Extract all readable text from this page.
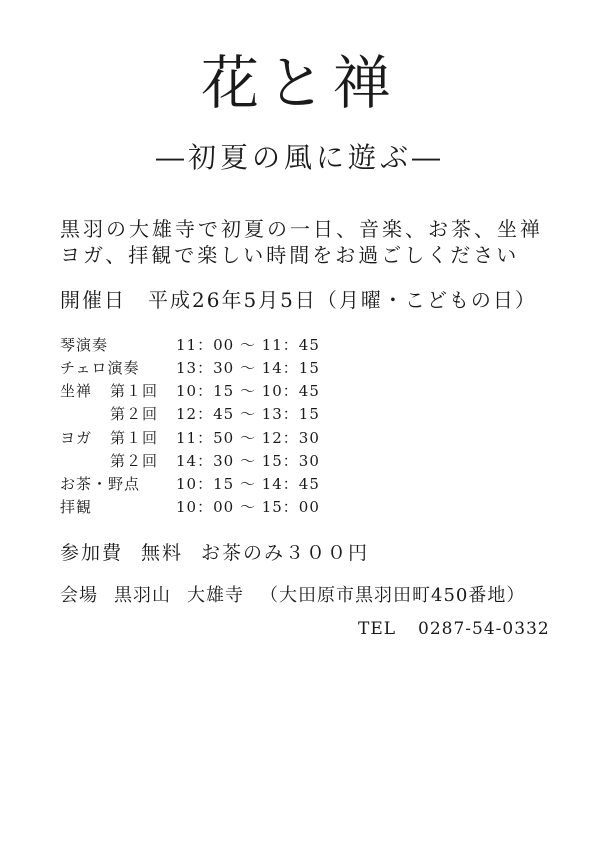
花と禅
―初夏の風に遊ぶ―
黒羽の大雄寺で初夏の一日、音楽、お茶、坐禅
ヨガ、拝観で楽しい時間をお過ごしください
開催日 平成26年5月5日（月曜・こどもの日）
琴演奏	11：00 ～ 11：45
チェロ演奏 13：30 ～ 14：15
坐禅 第１回 10：15 ～ 10：45
第２回 12：45 ～ 13：15
ヨガ 第１回 11：50 ～ 12：30
第２回 14：30 ～ 15：30
お茶・野点 10：15 ～ 14：45
拝観	10：00 ～ 15：00
参加費 無料 お茶のみ３００円
会場 黒羽山 大雄寺 （大田原市黒羽田町450番地）
TEL 0287-54-0332
